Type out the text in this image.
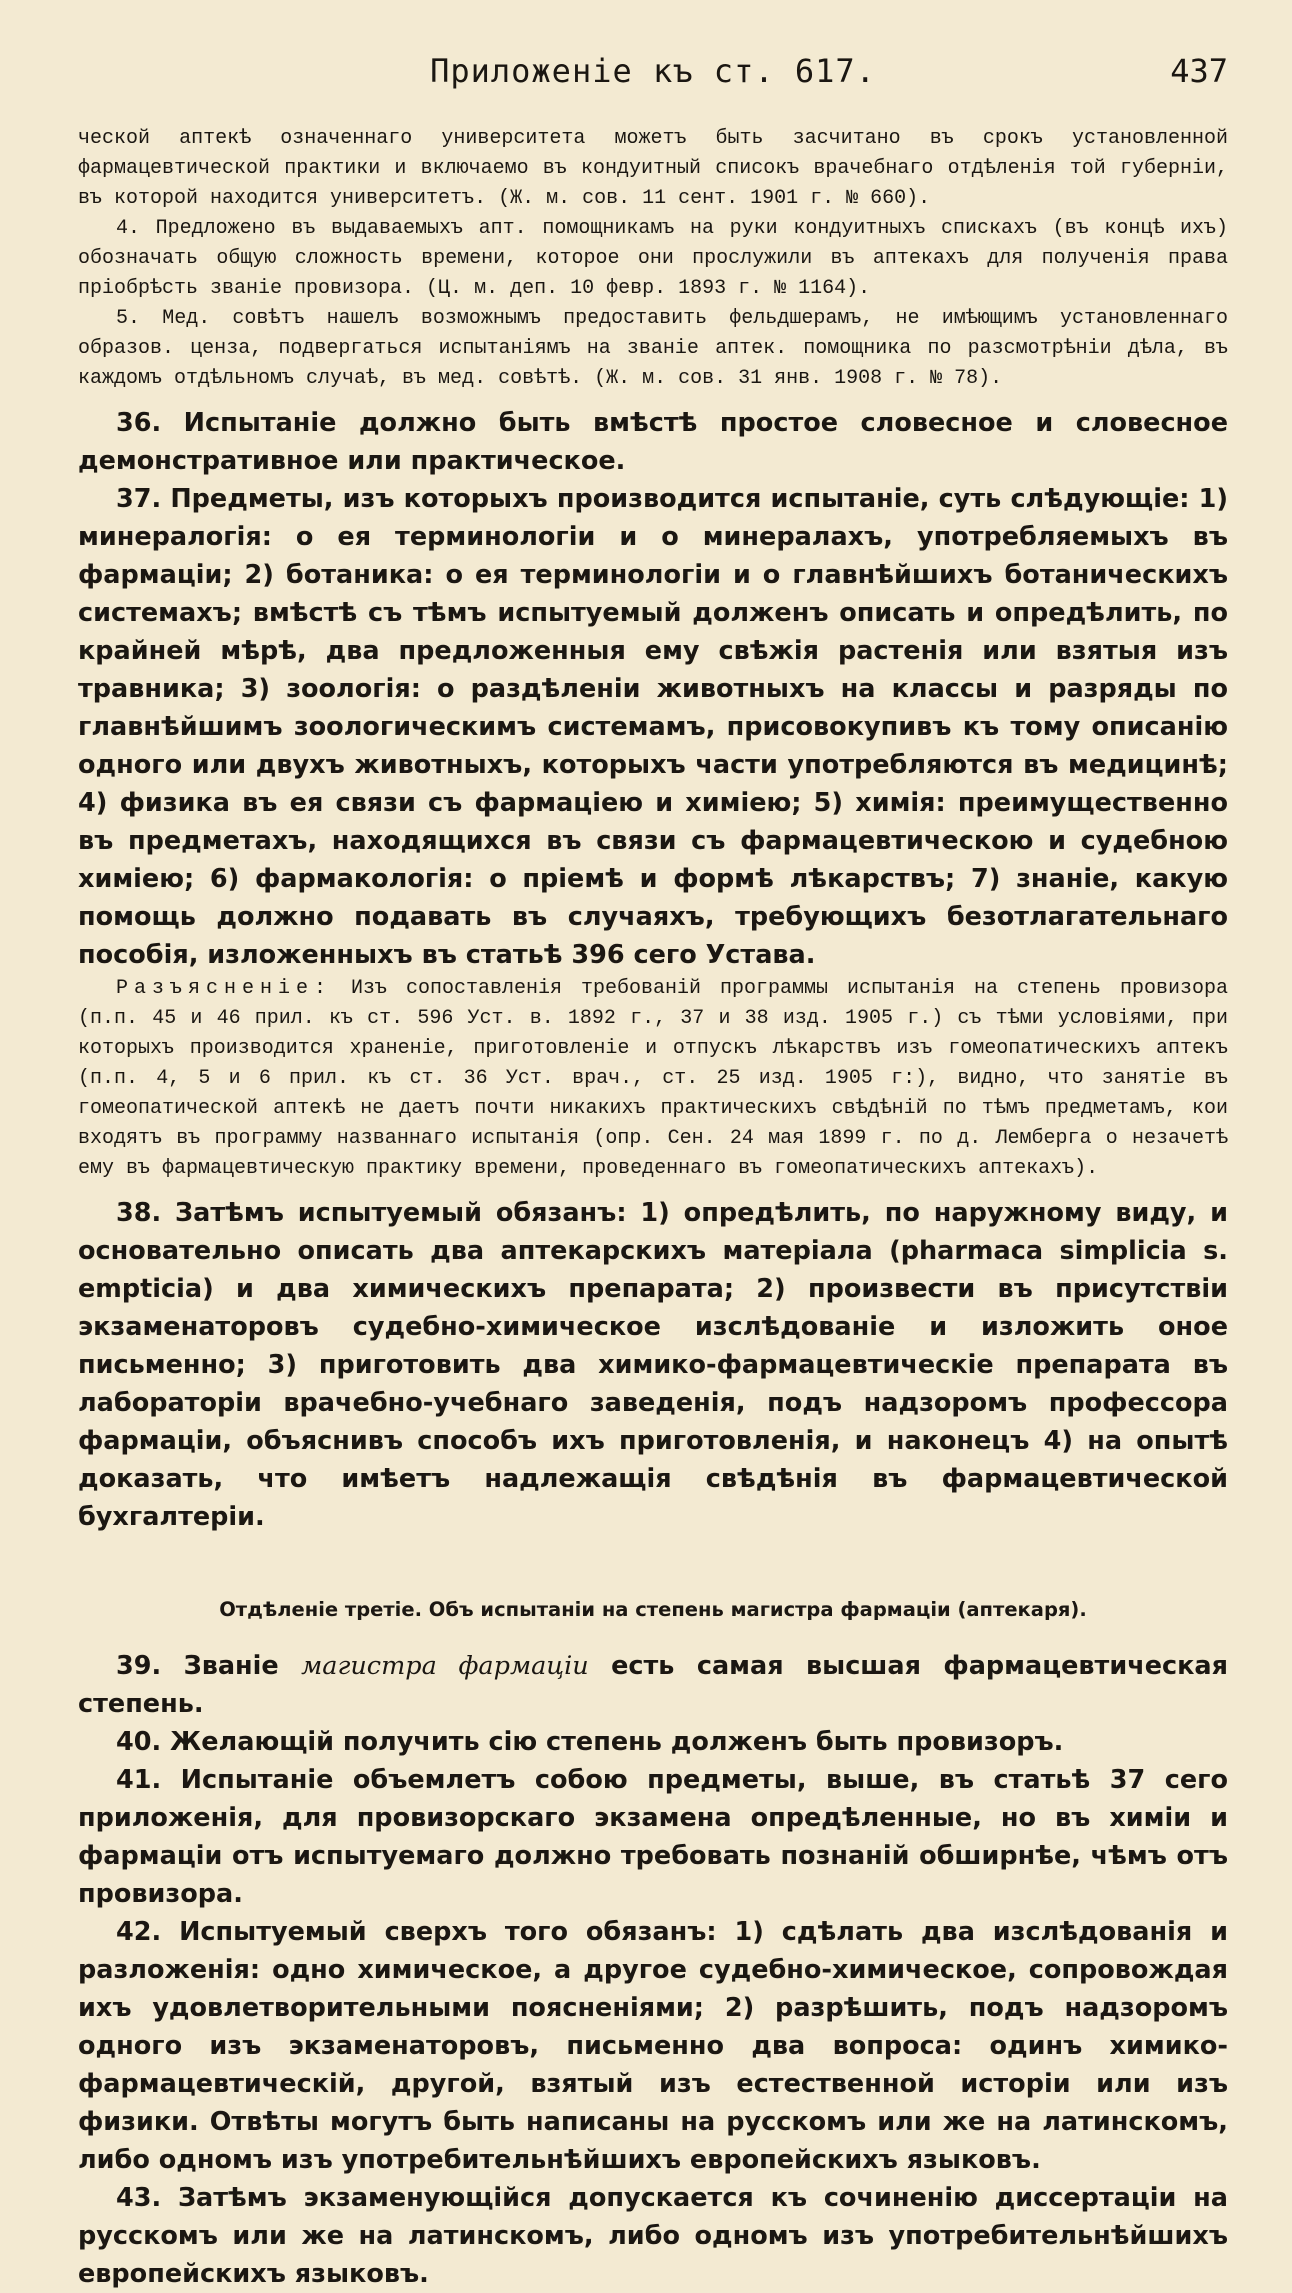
Приложеніе къ ст. 617.	437

ческой аптекѣ означеннаго университета можетъ быть засчитано въ срокъ установленной фармацевтической практики и включаемо въ кондуитный списокъ врачебнаго отдѣленія той губерніи, въ которой находится университетъ. (Ж. м. сов. 11 сент. 1901 г. № 660).

4. Предложено въ выдаваемыхъ апт. помощникамъ на руки кондуитныхъ спискахъ (въ концѣ ихъ) обозначать общую сложность времени, которое они прослужили въ аптекахъ для полученія права пріобрѣсть званіе провизора. (Ц. м. деп. 10 февр. 1893 г. № 1164).

5. Мед. совѣтъ нашелъ возможнымъ предоставить фельдшерамъ, не имѣющимъ установленнаго образов. ценза, подвергаться испытаніямъ на званіе аптек. помощника по разсмотрѣніи дѣла, въ каждомъ отдѣльномъ случаѣ, въ мед. совѣтѣ. (Ж. м. сов. 31 янв. 1908 г. № 78).

36. Испытаніе должно быть вмѣстѣ простое словесное и словесное демонстративное или практическое.

37. Предметы, изъ которыхъ производится испытаніе, суть слѣдующіе: 1) минералогія: о ея терминологіи и о минералахъ, употребляемыхъ въ фармаціи; 2) ботаника: о ея терминологіи и о главнѣйшихъ ботаническихъ системахъ; вмѣстѣ съ тѣмъ испытуемый долженъ описать и опредѣлить, по крайней мѣрѣ, два предложенныя ему свѣжія растенія или взятыя изъ травника; 3) зоологія: о раздѣленіи животныхъ на классы и разряды по главнѣйшимъ зоологическимъ системамъ, присовокупивъ къ тому описанію одного или двухъ животныхъ, которыхъ части употребляются въ медицинѣ; 4) физика въ ея связи съ фармаціею и химіею; 5) химія: преимущественно въ предметахъ, находящихся въ связи съ фармацевтическою и судебною химіею; 6) фармакологія: о пріемѣ и формѣ лѣкарствъ; 7) знаніе, какую помощь должно подавать въ случаяхъ, требующихъ безотлагательнаго пособія, изложенныхъ въ статьѣ 396 сего Устава.

Разъясненіе: Изъ сопоставленія требованій программы испытанія на степень провизора (п.п. 45 и 46 прил. къ ст. 596 Уст. в. 1892 г., 37 и 38 изд. 1905 г.) съ тѣми условіями, при которыхъ производится храненіе, приготовленіе и отпускъ лѣкарствъ изъ гомеопатическихъ аптекъ (п.п. 4, 5 и 6 прил. къ ст. 36 Уст. врач., ст. 25 изд. 1905 г:), видно, что занятіе въ гомеопатической аптекѣ не даетъ почти никакихъ практическихъ свѣдѣній по тѣмъ предметамъ, кои входятъ въ программу названнаго испытанія (опр. Сен. 24 мая 1899 г. по д. Лемберга о незачетѣ ему въ фармацевтическую практику времени, проведеннаго въ гомеопатическихъ аптекахъ).

38. Затѣмъ испытуемый обязанъ: 1) опредѣлить, по наружному виду, и основательно описать два аптекарскихъ матеріала (pharmaca simplicia s. empticia) и два химическихъ препарата; 2) произвести въ присутствіи экзаменаторовъ судебно-химическое изслѣдованіе и изложить оное письменно; 3) приготовить два химико-фармацевтическіе препарата въ лабораторіи врачебно-учебнаго заведенія, подъ надзоромъ профессора фармаціи, объяснивъ способъ ихъ приготовленія, и наконецъ 4) на опытѣ доказать, что имѣетъ надлежащія свѣдѣнія въ фармацевтической бухгалтеріи.

Отдѣленіе третіе. Объ испытаніи на степень магистра фармаціи (аптекаря).

39. Званіе магистра фармаціи есть самая высшая фармацевтическая степень.

40. Желающій получить сію степень долженъ быть провизоръ.

41. Испытаніе объемлетъ собою предметы, выше, въ статьѣ 37 сего приложенія, для провизорскаго экзамена опредѣленные, но въ химіи и фармаціи отъ испытуемаго должно требовать познаній обширнѣе, чѣмъ отъ провизора.

42. Испытуемый сверхъ того обязанъ: 1) сдѣлать два изслѣдованія и разложенія: одно химическое, а другое судебно-химическое, сопровождая ихъ удовлетворительными поясненіями; 2) разрѣшить, подъ надзоромъ одного изъ экзаменаторовъ, письменно два вопроса: одинъ химико-фармацевтическій, другой, взятый изъ естественной исторіи или изъ физики. Отвѣты могутъ быть написаны на русскомъ или же на латинскомъ, либо одномъ изъ употребительнѣйшихъ европейскихъ языковъ.

43. Затѣмъ экзаменующійся допускается къ сочиненію диссертаціи на русскомъ или же на латинскомъ, либо одномъ изъ употребительнѣйшихъ европейскихъ языковъ.
